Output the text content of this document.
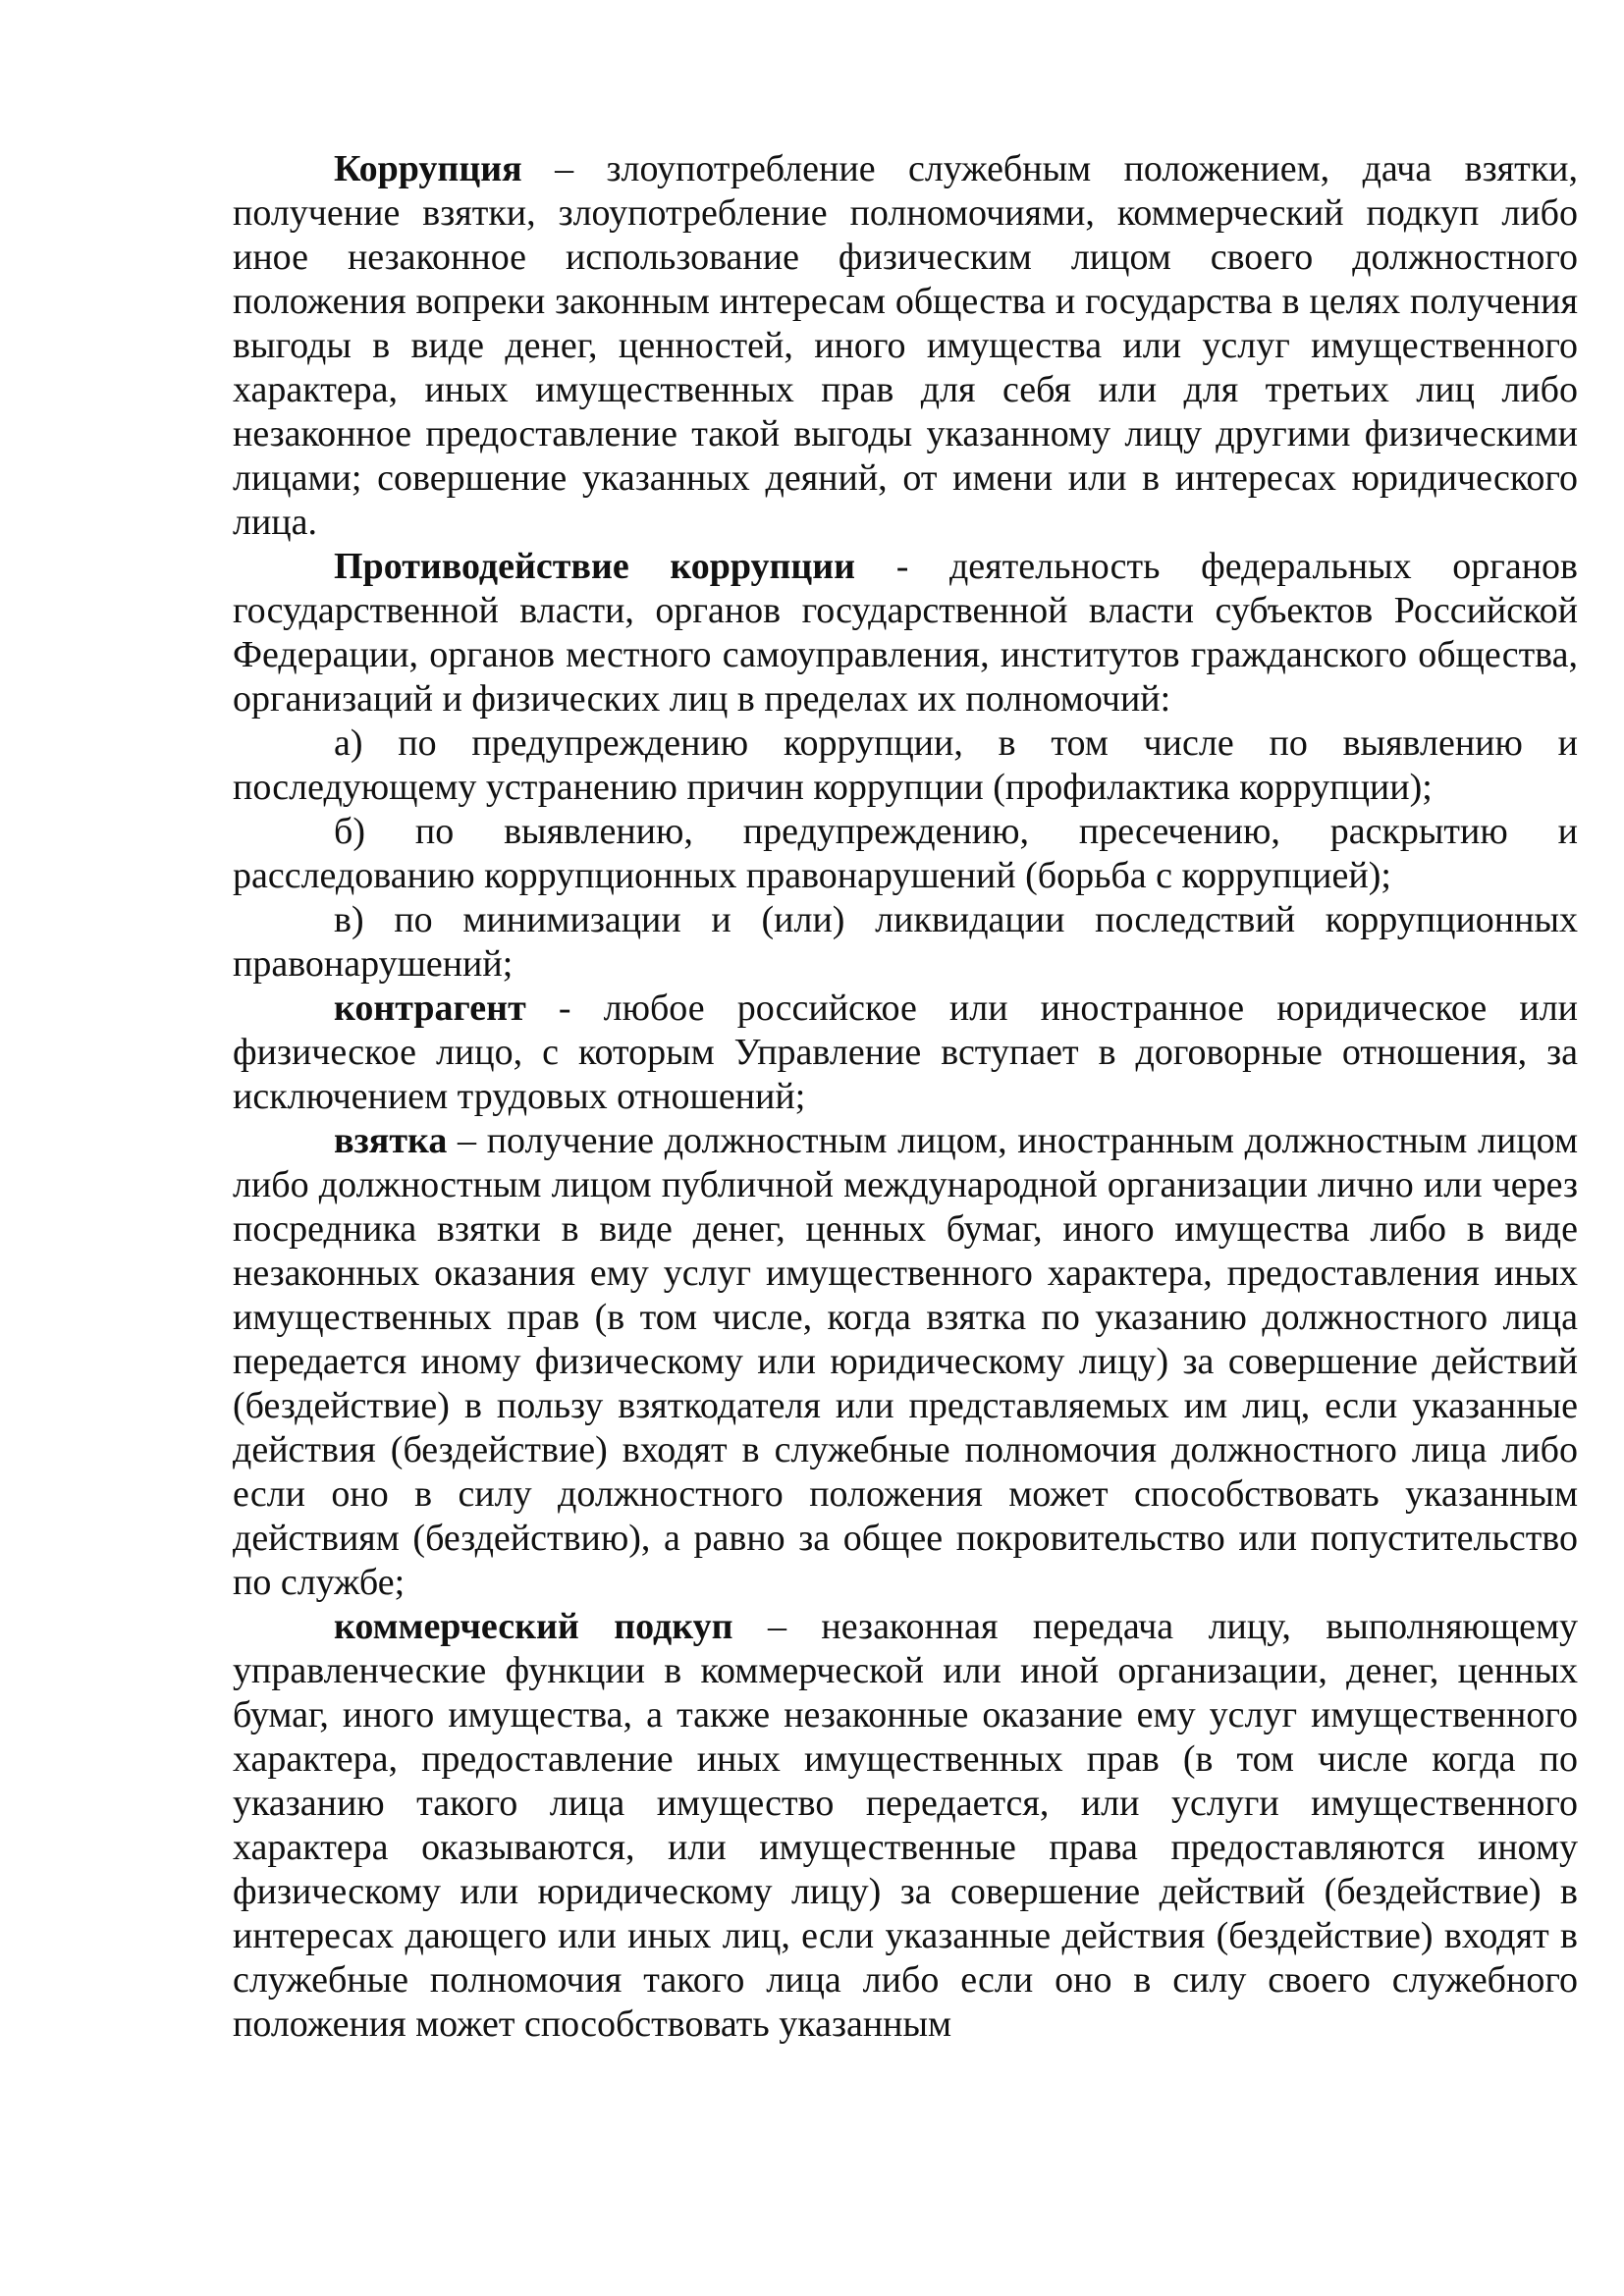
Коррупция – злоупотребление служебным положением, дача взятки, получение взятки, злоупотребление полномочиями, коммерческий подкуп либо иное незаконное использование физическим лицом своего должностного положения вопреки законным интересам общества и государства в целях получения выгоды в виде денег, ценностей, иного имущества или услуг имущественного характера, иных имущественных прав для себя или для третьих лиц либо незаконное предоставление такой выгоды указанному лицу другими физическими лицами; совершение указанных деяний, от имени или в интересах юридического лица.

Противодействие коррупции - деятельность федеральных органов государственной власти, органов государственной власти субъектов Российской Федерации, органов местного самоуправления, институтов гражданского общества, организаций и физических лиц в пределах их полномочий:

а) по предупреждению коррупции, в том числе по выявлению и последующему устранению причин коррупции (профилактика коррупции);

б) по выявлению, предупреждению, пресечению, раскрытию и расследованию коррупционных правонарушений (борьба с коррупцией);

в) по минимизации и (или) ликвидации последствий коррупционных правонарушений;

контрагент - любое российское или иностранное юридическое или физическое лицо, с которым Управление вступает в договорные отношения, за исключением трудовых отношений;

взятка – получение должностным лицом, иностранным должностным лицом либо должностным лицом публичной международной организации лично или через посредника взятки в виде денег, ценных бумаг, иного имущества либо в виде незаконных оказания ему услуг имущественного характера, предоставления иных имущественных прав (в том числе, когда взятка по указанию должностного лица передается иному физическому или юридическому лицу) за совершение действий (бездействие) в пользу взяткодателя или представляемых им лиц, если указанные действия (бездействие) входят в служебные полномочия должностного лица либо если оно в силу должностного положения может способствовать указанным действиям (бездействию), а равно за общее покровительство или попустительство

по службе;

коммерческий подкуп – незаконная передача лицу, выполняющему управленческие функции в коммерческой или иной организации, денег, ценных бумаг, иного имущества, а также незаконные оказание ему услуг имущественного характера, предоставление иных имущественных прав (в том числе когда по указанию такого лица имущество передается, или услуги имущественного характера оказываются, или имущественные права предоставляются иному физическому или юридическому лицу) за совершение действий (бездействие) в интересах дающего или иных лиц, если указанные действия (бездействие) входят в служебные полномочия такого лица либо если оно в силу своего служебного положения может способствовать указанным
